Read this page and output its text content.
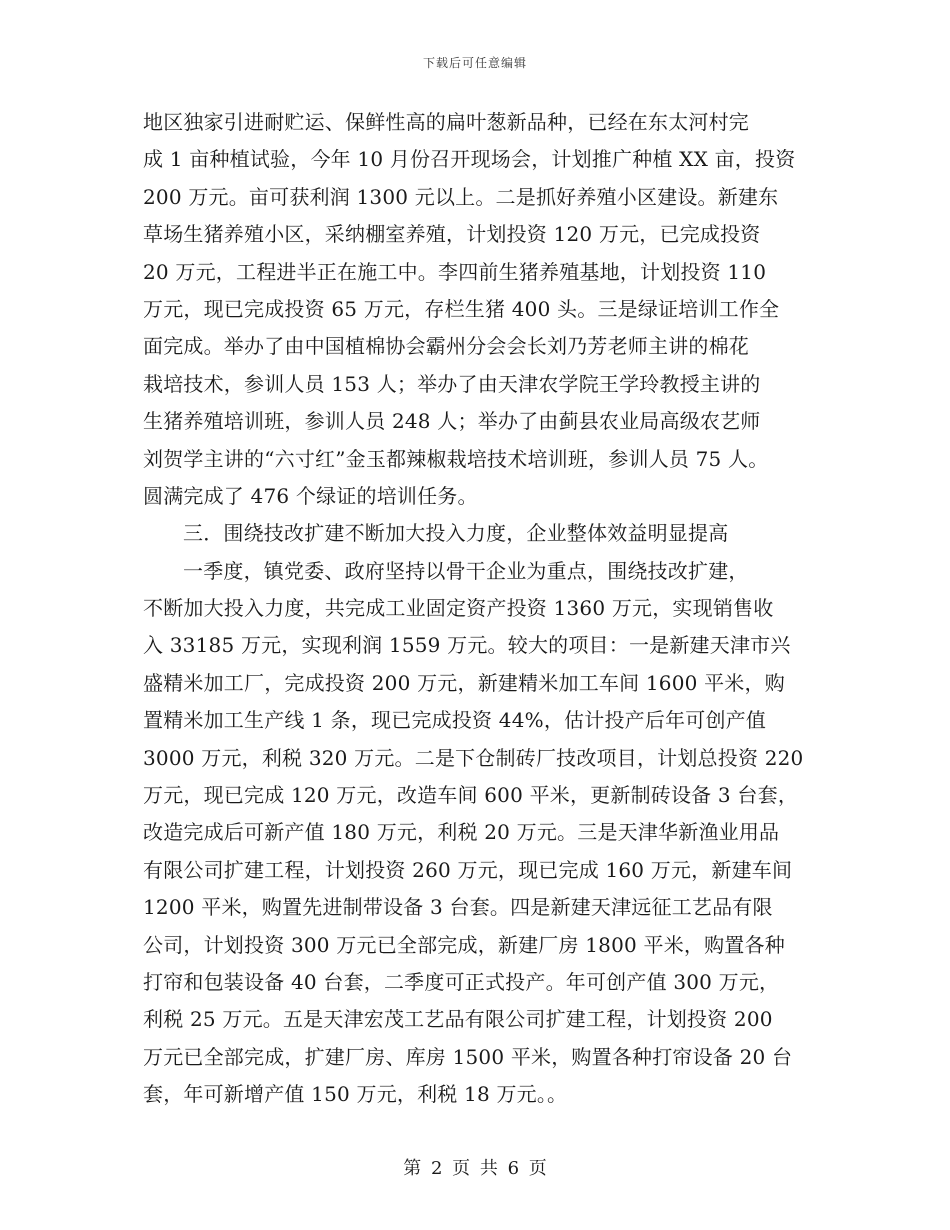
下载后可任意编辑
地区独家引进耐贮运、保鲜性高的扁叶葱新品种，已经在东太河村完
成 1 亩种植试验，今年 10 月份召开现场会，计划推广种植 XX 亩，投资
200 万元。亩可获利润 1300 元以上。二是抓好养殖小区建设。新建东
草场生猪养殖小区，采纳棚室养殖，计划投资 120 万元，已完成投资
20 万元，工程进半正在施工中。李四前生猪养殖基地，计划投资 110
万元，现已完成投资 65 万元，存栏生猪 400 头。三是绿证培训工作全
面完成。举办了由中国植棉协会霸州分会会长刘乃芳老师主讲的棉花
栽培技术，参训人员 153 人；举办了由天津农学院王学玲教授主讲的
生猪养殖培训班，参训人员 248 人；举办了由蓟县农业局高级农艺师
刘贺学主讲的“六寸红”金玉都辣椒栽培技术培训班，参训人员 75 人。
圆满完成了 476 个绿证的培训任务。
三．围绕技改扩建不断加大投入力度，企业整体效益明显提高
一季度，镇党委、政府坚持以骨干企业为重点，围绕技改扩建，
不断加大投入力度，共完成工业固定资产投资 1360 万元，实现销售收
入 33185 万元，实现利润 1559 万元。较大的项目：一是新建天津市兴
盛精米加工厂，完成投资 200 万元，新建精米加工车间 1600 平米，购
置精米加工生产线 1 条，现已完成投资 44%，估计投产后年可创产值
3000 万元，利税 320 万元。二是下仓制砖厂技改项目，计划总投资 220
万元，现已完成 120 万元，改造车间 600 平米，更新制砖设备 3 台套，
改造完成后可新产值 180 万元，利税 20 万元。三是天津华新渔业用品
有限公司扩建工程，计划投资 260 万元，现已完成 160 万元，新建车间
1200 平米，购置先进制带设备 3 台套。四是新建天津远征工艺品有限
公司，计划投资 300 万元已全部完成，新建厂房 1800 平米，购置各种
打帘和包装设备 40 台套，二季度可正式投产。年可创产值 300 万元，
利税 25 万元。五是天津宏茂工艺品有限公司扩建工程，计划投资 200
万元已全部完成，扩建厂房、库房 1500 平米，购置各种打帘设备 20 台
套，年可新增产值 150 万元，利税 18 万元。。
第 2 页 共 6 页
